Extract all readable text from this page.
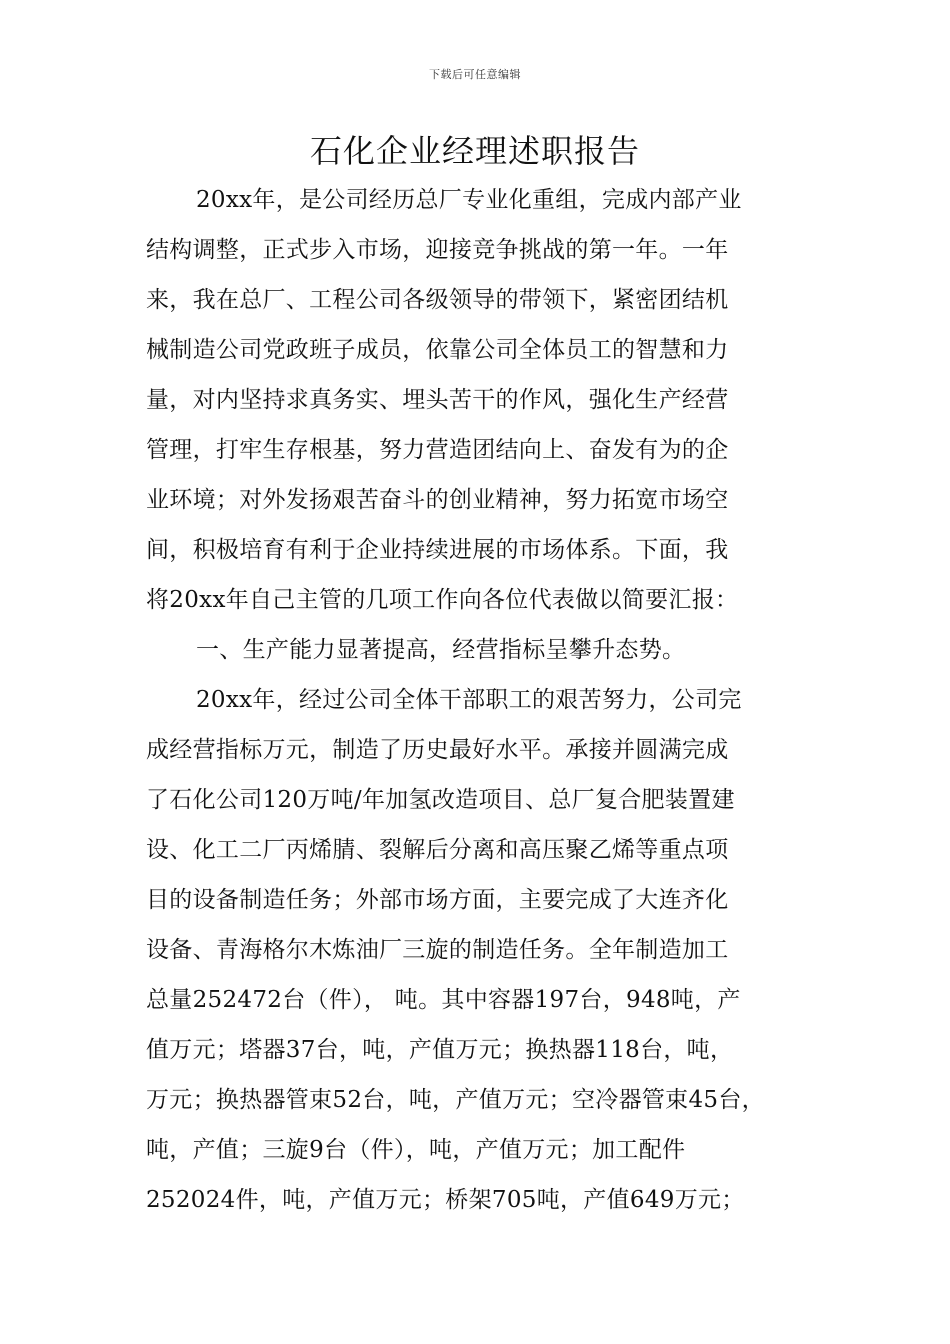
下载后可任意编辑
石化企业经理述职报告
20xx年，是公司经历总厂专业化重组，完成内部产业
结构调整，正式步入市场，迎接竞争挑战的第一年。一年
来，我在总厂、工程公司各级领导的带领下，紧密团结机
械制造公司党政班子成员，依靠公司全体员工的智慧和力
量，对内坚持求真务实、埋头苦干的作风，强化生产经营
管理，打牢生存根基，努力营造团结向上、奋发有为的企
业环境；对外发扬艰苦奋斗的创业精神，努力拓宽市场空
间，积极培育有利于企业持续进展的市场体系。下面，我
将20xx年自己主管的几项工作向各位代表做以简要汇报：
一、生产能力显著提高，经营指标呈攀升态势。
20xx年，经过公司全体干部职工的艰苦努力，公司完
成经营指标万元，制造了历史最好水平。承接并圆满完成
了石化公司120万吨/年加氢改造项目、总厂复合肥装置建
设、化工二厂丙烯腈、裂解后分离和高压聚乙烯等重点项
目的设备制造任务；外部市场方面，主要完成了大连齐化
设备、青海格尔木炼油厂三旋的制造任务。全年制造加工
总量252472台（件）， 吨。其中容器197台，948吨，产
值万元；塔器37台，吨，产值万元；换热器118台，吨，
万元；换热器管束52台，吨，产值万元；空冷器管束45台，
吨，产值；三旋9台（件），吨，产值万元；加工配件
252024件，吨，产值万元；桥架705吨，产值649万元；
